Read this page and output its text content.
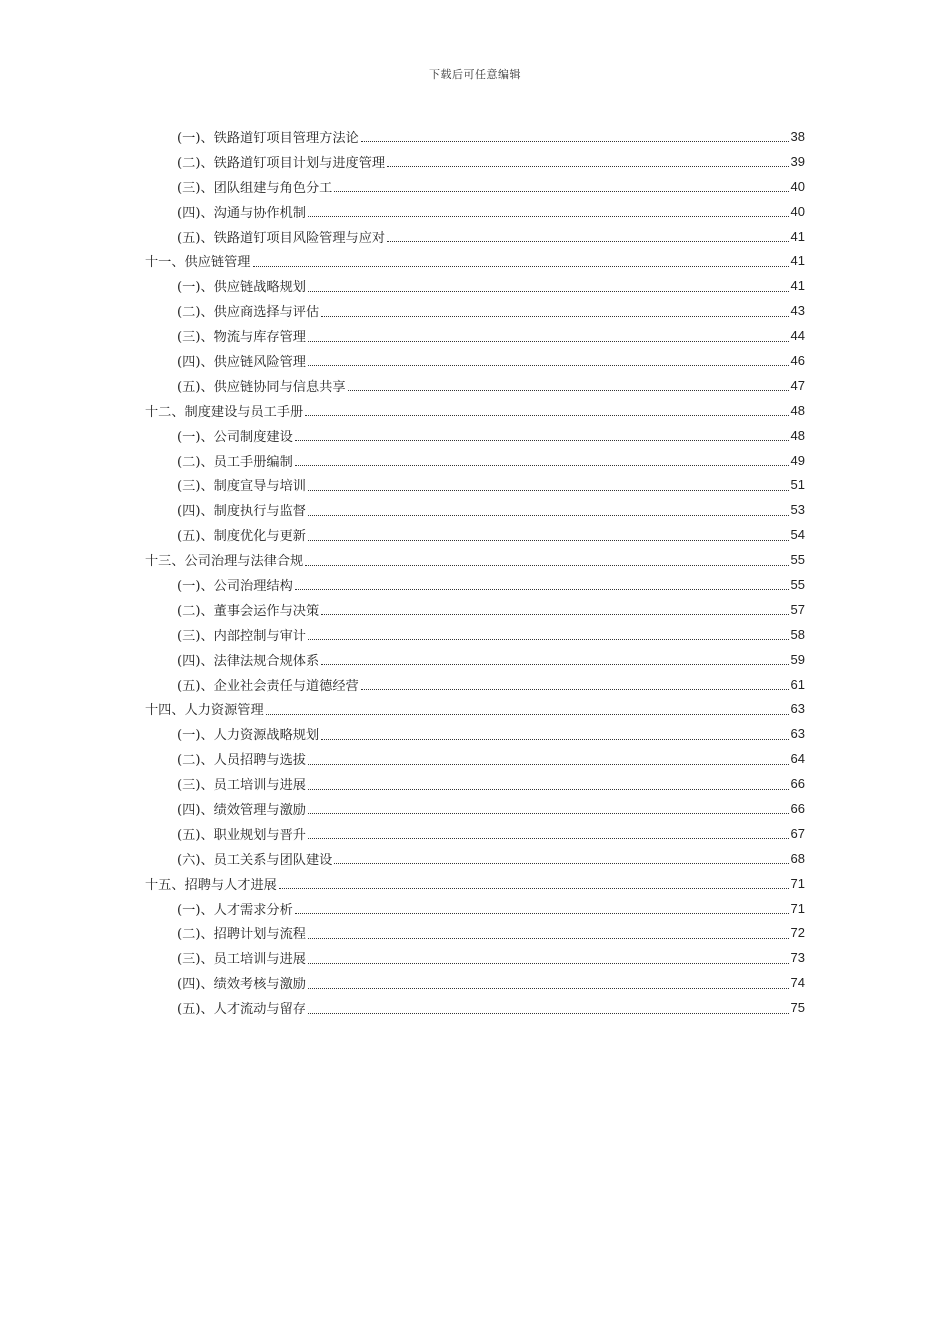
下载后可任意编辑
(一)、铁路道钉项目管理方法论	38
(二)、铁路道钉项目计划与进度管理	39
(三)、团队组建与角色分工	40
(四)、沟通与协作机制	40
(五)、铁路道钉项目风险管理与应对	41
十一、供应链管理	41
(一)、供应链战略规划	41
(二)、供应商选择与评估	43
(三)、物流与库存管理	44
(四)、供应链风险管理	46
(五)、供应链协同与信息共享	47
十二、制度建设与员工手册	48
(一)、公司制度建设	48
(二)、员工手册编制	49
(三)、制度宣导与培训	51
(四)、制度执行与监督	53
(五)、制度优化与更新	54
十三、公司治理与法律合规	55
(一)、公司治理结构	55
(二)、董事会运作与决策	57
(三)、内部控制与审计	58
(四)、法律法规合规体系	59
(五)、企业社会责任与道德经营	61
十四、人力资源管理	63
(一)、人力资源战略规划	63
(二)、人员招聘与选拔	64
(三)、员工培训与进展	66
(四)、绩效管理与激励	66
(五)、职业规划与晋升	67
(六)、员工关系与团队建设	68
十五、招聘与人才进展	71
(一)、人才需求分析	71
(二)、招聘计划与流程	72
(三)、员工培训与进展	73
(四)、绩效考核与激励	74
(五)、人才流动与留存	75
